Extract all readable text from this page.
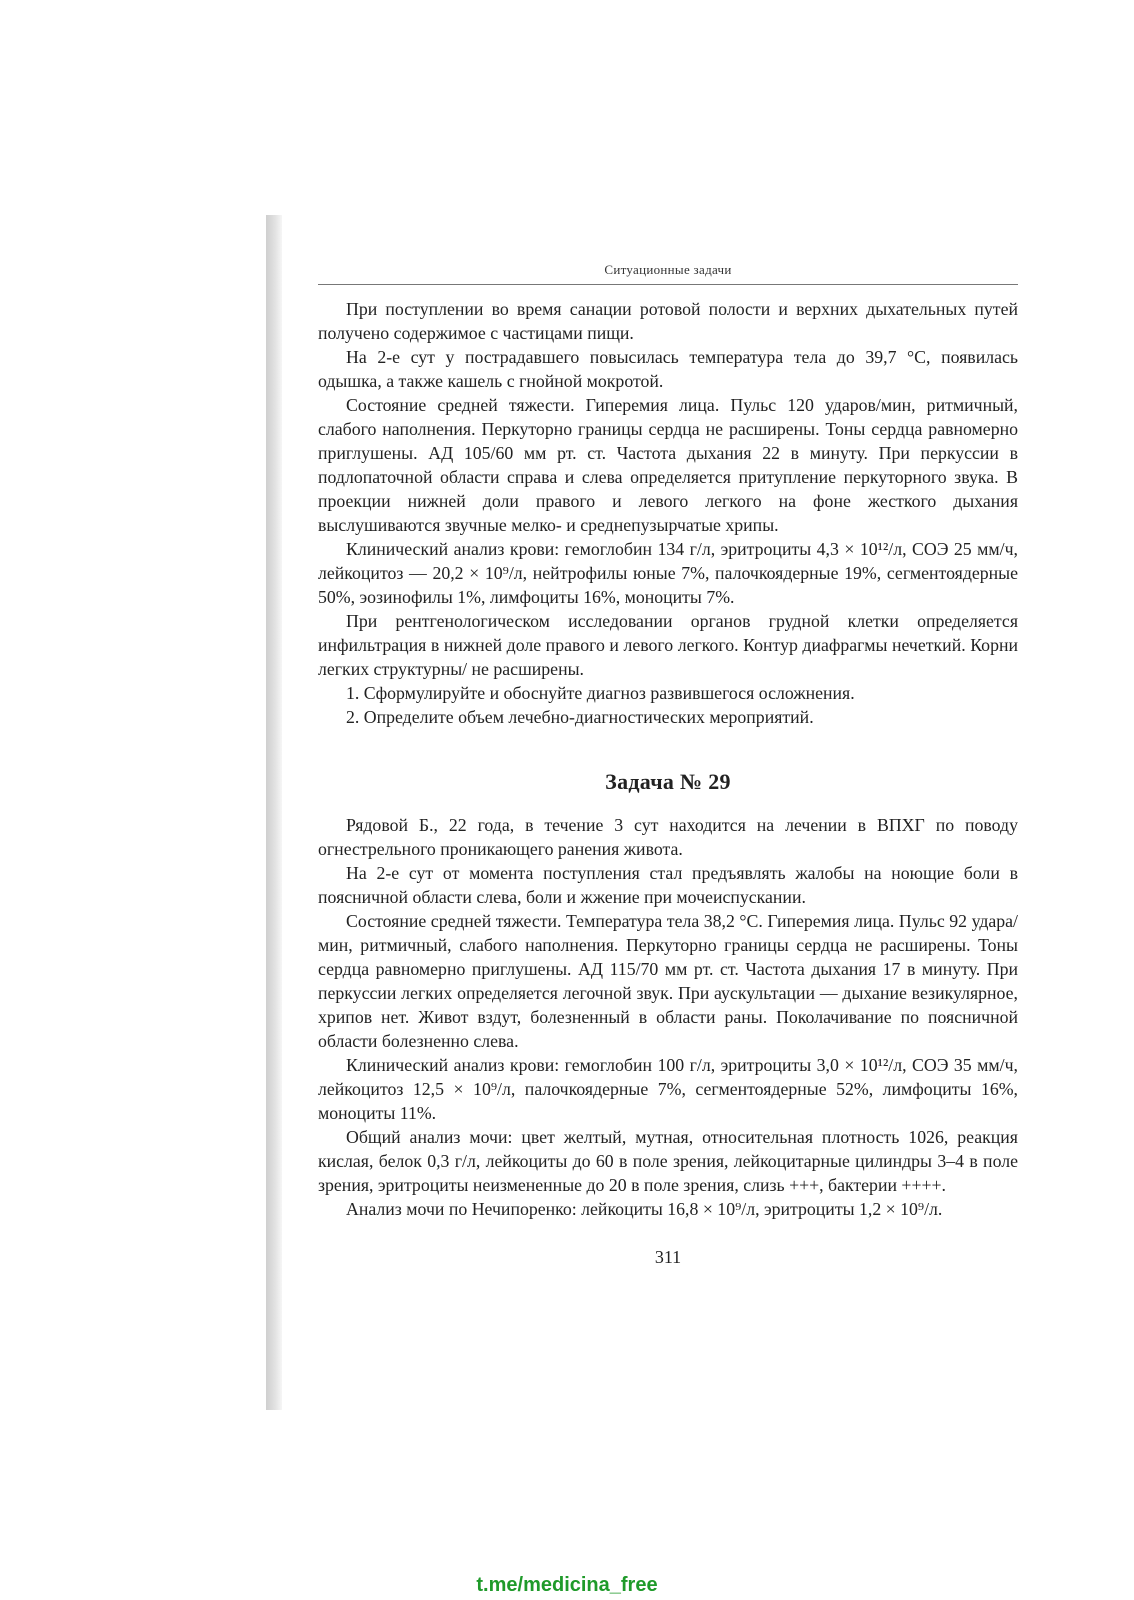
Ситуационные задачи

При поступлении во время санации ротовой полости и верхних дыхательных путей получено содержимое с частицами пищи.

На 2-е сут у пострадавшего повысилась температура тела до 39,7 °С, появилась одышка, а также кашель с гнойной мокротой.

Состояние средней тяжести. Гиперемия лица. Пульс 120 ударов/мин, ритмичный, слабого наполнения. Перкуторно границы сердца не расширены. Тоны сердца равномерно приглушены. АД 105/60 мм рт. ст. Частота дыхания 22 в минуту. При перкуссии в подлопаточной области справа и слева определяется притупление перкуторного звука. В проекции нижней доли правого и левого легкого на фоне жесткого дыхания выслушиваются звучные мелко- и среднепузырчатые хрипы.

Клинический анализ крови: гемоглобин 134 г/л, эритроциты 4,3 × 10¹²/л, СОЭ 25 мм/ч, лейкоцитоз — 20,2 × 10⁹/л, нейтрофилы юные 7%, палочкоядерные 19%, сегментоядерные 50%, эозинофилы 1%, лимфоциты 16%, моноциты 7%.

При рентгенологическом исследовании органов грудной клетки определяется инфильтрация в нижней доле правого и левого легкого. Контур диафрагмы нечеткий. Корни легких структурны/ не расширены.

1. Сформулируйте и обоснуйте диагноз развившегося осложнения.

2. Определите объем лечебно-диагностических мероприятий.

Задача № 29

Рядовой Б., 22 года, в течение 3 сут находится на лечении в ВПХГ по поводу огнестрельного проникающего ранения живота.

На 2-е сут от момента поступления стал предъявлять жалобы на ноющие боли в поясничной области слева, боли и жжение при мочеиспускании.

Состояние средней тяжести. Температура тела 38,2 °С. Гиперемия лица. Пульс 92 удара/мин, ритмичный, слабого наполнения. Перкуторно границы сердца не расширены. Тоны сердца равномерно приглушены. АД 115/70 мм рт. ст. Частота дыхания 17 в минуту. При перкуссии легких определяется легочной звук. При аускультации — дыхание везикулярное, хрипов нет. Живот вздут, болезненный в области раны. Поколачивание по поясничной области болезненно слева.

Клинический анализ крови: гемоглобин 100 г/л, эритроциты 3,0 × 10¹²/л, СОЭ 35 мм/ч, лейкоцитоз 12,5 × 10⁹/л, палочкоядерные 7%, сегментоядерные 52%, лимфоциты 16%, моноциты 11%.

Общий анализ мочи: цвет желтый, мутная, относительная плотность 1026, реакция кислая, белок 0,3 г/л, лейкоциты до 60 в поле зрения, лейкоцитарные цилиндры 3–4 в поле зрения, эритроциты неизмененные до 20 в поле зрения, слизь +++, бактерии ++++.

Анализ мочи по Нечипоренко: лейкоциты 16,8 × 10⁹/л, эритроциты 1,2 × 10⁹/л.

311
t.me/medicina_free
